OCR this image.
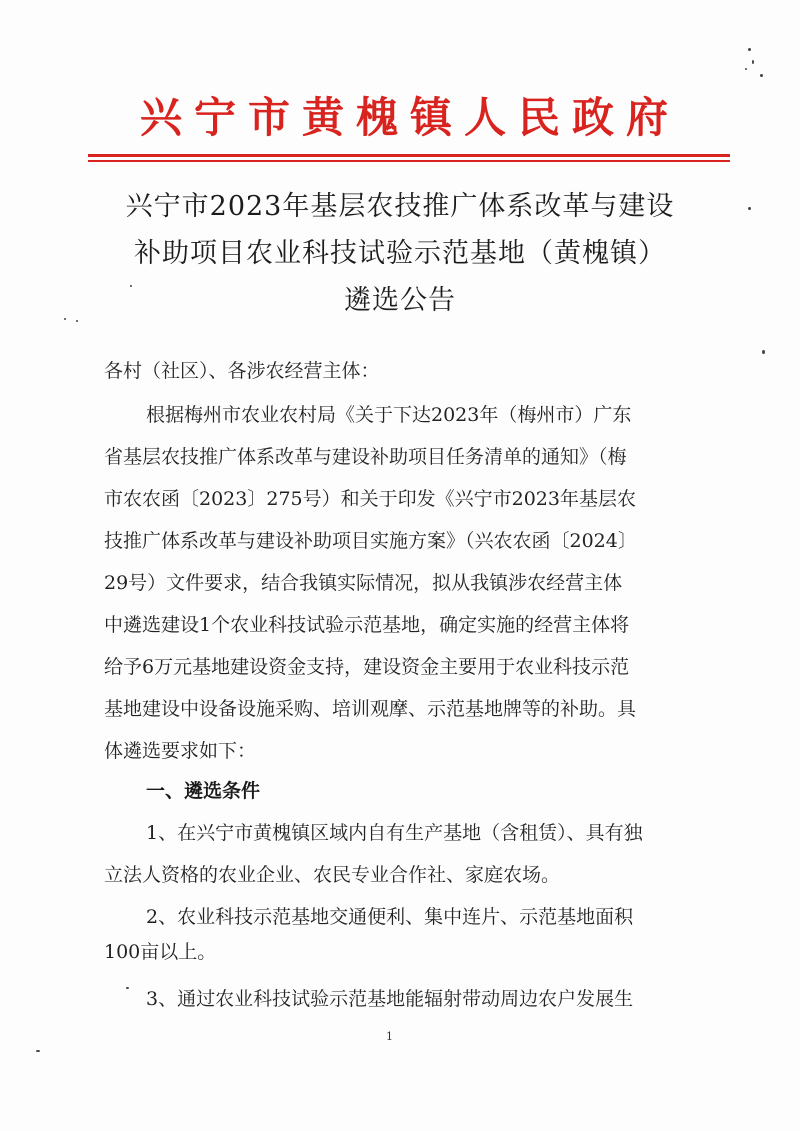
兴宁市黄槐镇人民政府
兴宁市2023年基层农技推广体系改革与建设
补助项目农业科技试验示范基地（黄槐镇）
遴选公告
各村（社区）、各涉农经营主体：
根据梅州市农业农村局《关于下达2023年（梅州市）广东
省基层农技推广体系改革与建设补助项目任务清单的通知》（梅
市农农函〔2023〕275号）和关于印发《兴宁市2023年基层农
技推广体系改革与建设补助项目实施方案》（兴农农函〔2024〕
29号）文件要求，结合我镇实际情况，拟从我镇涉农经营主体
中遴选建设1个农业科技试验示范基地，确定实施的经营主体将
给予6万元基地建设资金支持，建设资金主要用于农业科技示范
基地建设中设备设施采购、培训观摩、示范基地牌等的补助。具
体遴选要求如下：
一、遴选条件
1、在兴宁市黄槐镇区域内自有生产基地（含租赁）、具有独
立法人资格的农业企业、农民专业合作社、家庭农场。
2、农业科技示范基地交通便利、集中连片、示范基地面积
100亩以上。
3、通过农业科技试验示范基地能辐射带动周边农户发展生
1
